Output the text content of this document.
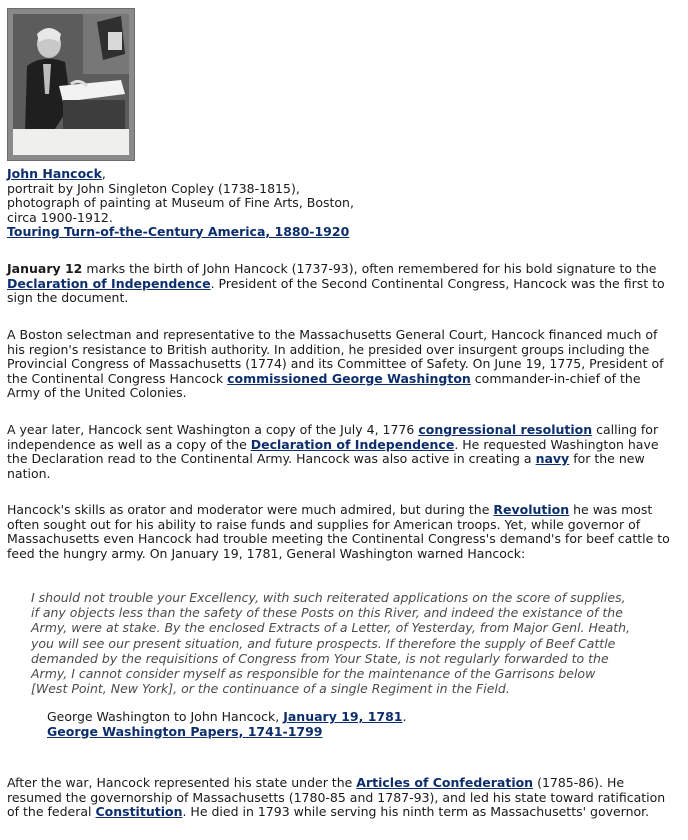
John Hancock,
portrait by John Singleton Copley (1738-1815),
photograph of painting at Museum of Fine Arts, Boston,
circa 1900-1912.
Touring Turn-of-the-Century America, 1880-1920

January 12 marks the birth of John Hancock (1737-93), often remembered for his bold signature to the Declaration of Independence. President of the Second Continental Congress, Hancock was the first to sign the document.

A Boston selectman and representative to the Massachusetts General Court, Hancock financed much of his region's resistance to British authority. In addition, he presided over insurgent groups including the Provincial Congress of Massachusetts (1774) and its Committee of Safety. On June 19, 1775, President of the Continental Congress Hancock commissioned George Washington commander-in-chief of the Army of the United Colonies.

A year later, Hancock sent Washington a copy of the July 4, 1776 congressional resolution calling for independence as well as a copy of the Declaration of Independence. He requested Washington have the Declaration read to the Continental Army. Hancock was also active in creating a navy for the new nation.

Hancock's skills as orator and moderator were much admired, but during the Revolution he was most often sought out for his ability to raise funds and supplies for American troops. Yet, while governor of Massachusetts even Hancock had trouble meeting the Continental Congress's demand's for beef cattle to feed the hungry army. On January 19, 1781, General Washington warned Hancock:

I should not trouble your Excellency, with such reiterated applications on the score of supplies, if any objects less than the safety of these Posts on this River, and indeed the existance of the Army, were at stake. By the enclosed Extracts of a Letter, of Yesterday, from Major Genl. Heath, you will see our present situation, and future prospects. If therefore the supply of Beef Cattle demanded by the requisitions of Congress from Your State, is not regularly forwarded to the Army, I cannot consider myself as responsible for the maintenance of the Garrisons below [West Point, New York], or the continuance of a single Regiment in the Field.

George Washington to John Hancock, January 19, 1781.
George Washington Papers, 1741-1799

After the war, Hancock represented his state under the Articles of Confederation (1785-86). He resumed the governorship of Massachusetts (1780-85 and 1787-93), and led his state toward ratification of the federal Constitution. He died in 1793 while serving his ninth term as Massachusetts' governor.
